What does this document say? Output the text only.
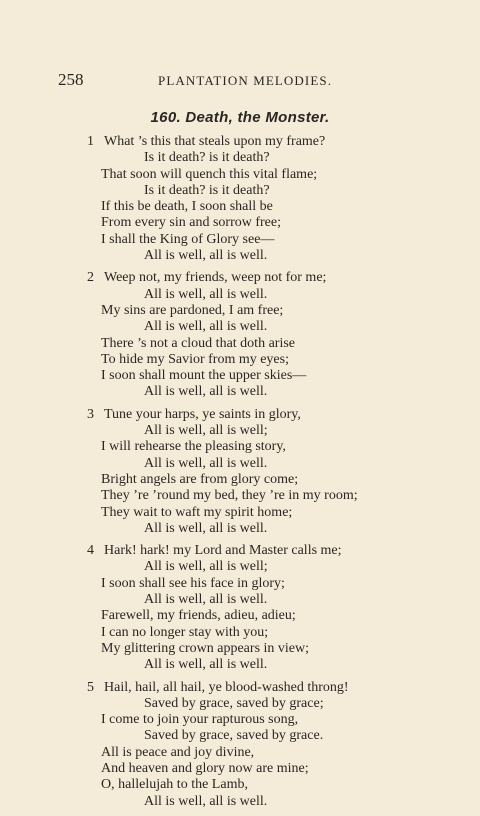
258	PLANTATION MELODIES.
160. Death, the Monster.
1 What ’s this that steals upon my frame?
Is it death? is it death?
That soon will quench this vital flame;
Is it death? is it death?
If this be death, I soon shall be
From every sin and sorrow free;
I shall the King of Glory see—
All is well, all is well.
2 Weep not, my friends, weep not for me;
All is well, all is well.
My sins are pardoned, I am free;
All is well, all is well.
There ’s not a cloud that doth arise
To hide my Savior from my eyes;
I soon shall mount the upper skies—
All is well, all is well.
3 Tune your harps, ye saints in glory,
All is well, all is well;
I will rehearse the pleasing story,
All is well, all is well.
Bright angels are from glory come;
They ’re ’round my bed, they ’re in my room;
They wait to waft my spirit home;
All is well, all is well.
4 Hark! hark! my Lord and Master calls me;
All is well, all is well;
I soon shall see his face in glory;
All is well, all is well.
Farewell, my friends, adieu, adieu;
I can no longer stay with you;
My glittering crown appears in view;
All is well, all is well.
5 Hail, hail, all hail, ye blood-washed throng!
Saved by grace, saved by grace;
I come to join your rapturous song,
Saved by grace, saved by grace.
All is peace and joy divine,
And heaven and glory now are mine;
O, hallelujah to the Lamb,
All is well, all is well.
